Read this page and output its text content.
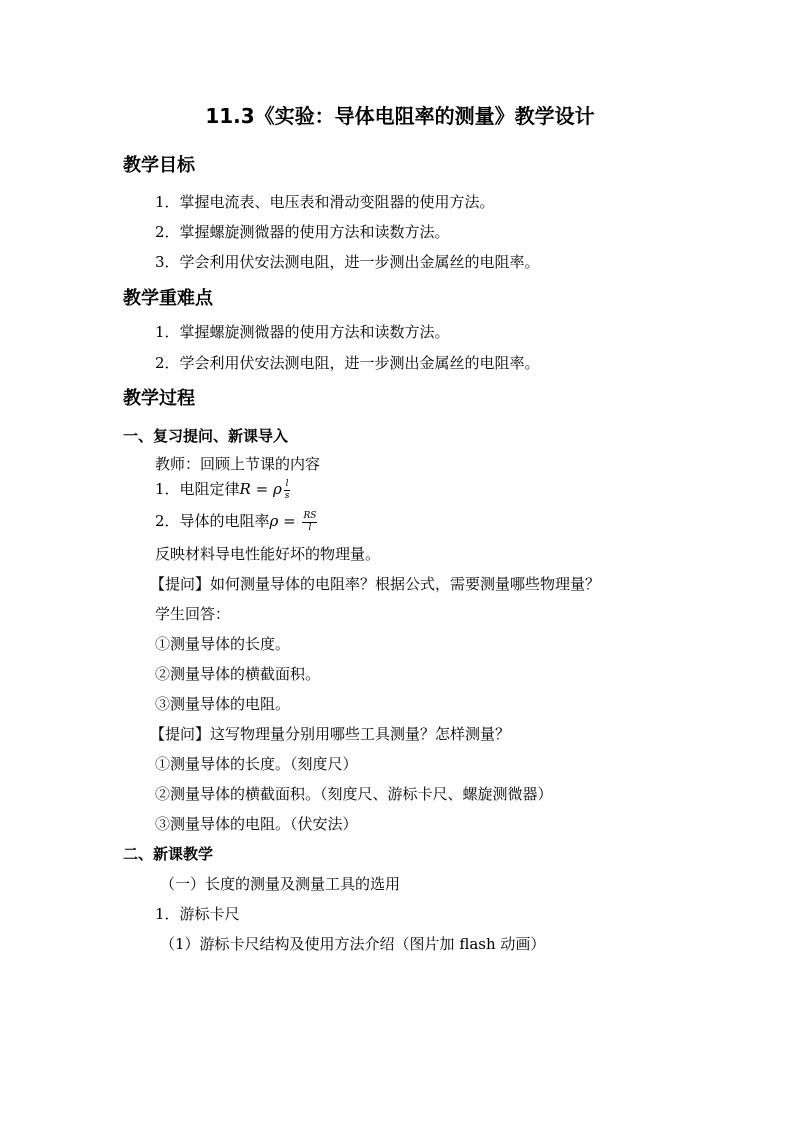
11.3《实验：导体电阻率的测量》教学设计
教学目标
1．掌握电流表、电压表和滑动变阻器的使用方法。
2．掌握螺旋测微器的使用方法和读数方法。
3．学会利用伏安法测电阻，进一步测出金属丝的电阻率。
教学重难点
1．掌握螺旋测微器的使用方法和读数方法。
2．学会利用伏安法测电阻，进一步测出金属丝的电阻率。
教学过程
一、复习提问、新课导入
教师：回顾上节课的内容
1．电阻定律R = ρ $\frac{l}{s}$
2．导体的电阻率$\rho = \frac{RS}{l}$
反映材料导电性能好坏的物理量。
【提问】如何测量导体的电阻率？根据公式，需要测量哪些物理量？
学生回答：
①测量导体的长度。
②测量导体的横截面积。
③测量导体的电阻。
【提问】这写物理量分别用哪些工具测量？怎样测量？
①测量导体的长度。（刻度尺）
②测量导体的横截面积。（刻度尺、游标卡尺、螺旋测微器）
③测量导体的电阻。（伏安法）
二、新课教学
（一）长度的测量及测量工具的选用
1．游标卡尺
（1）游标卡尺结构及使用方法介绍（图片加 flash 动画）
